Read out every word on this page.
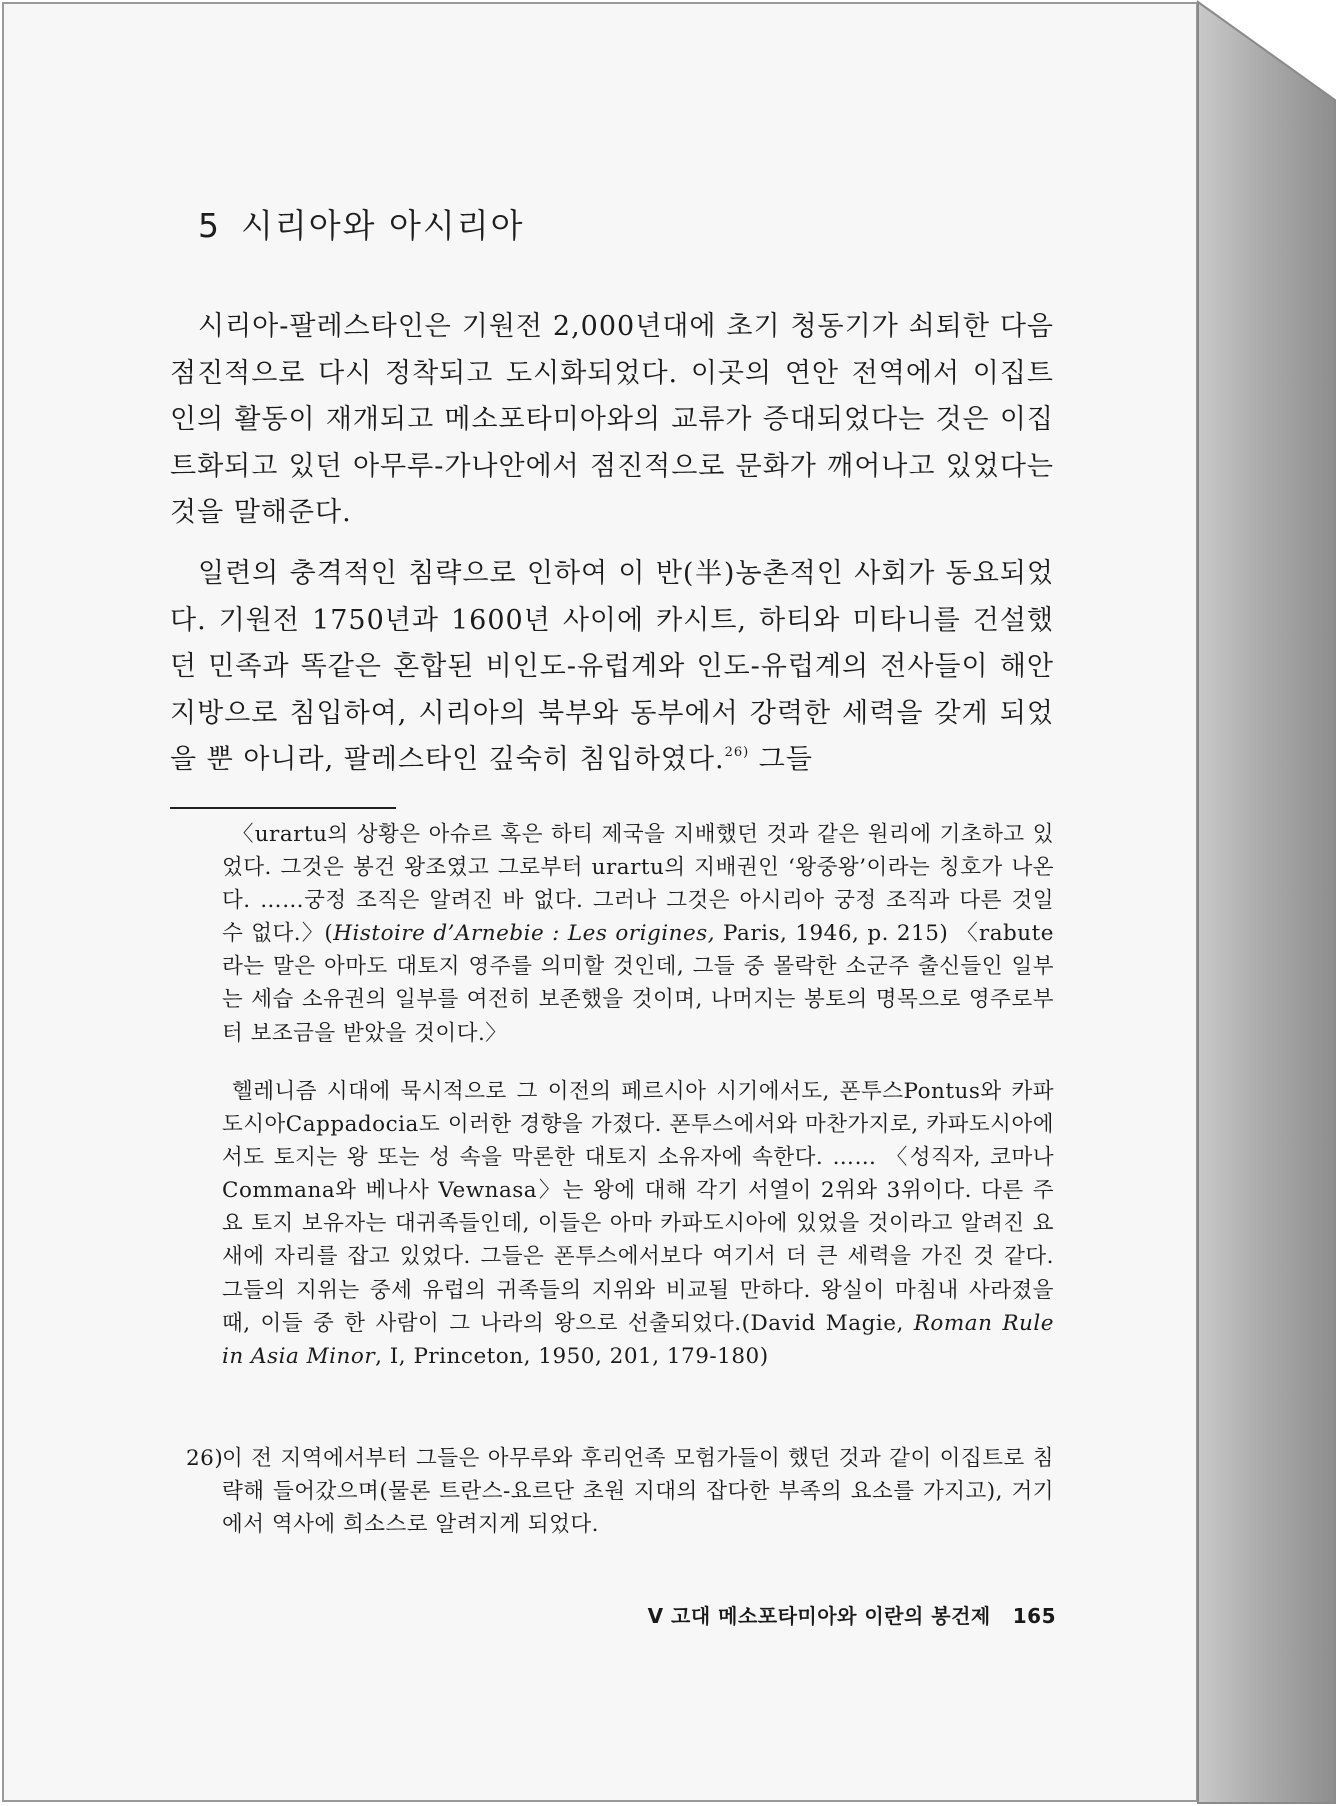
5 시리아와 아시리아

시리아-팔레스타인은 기원전 2,000년대에 초기 청동기가 쇠퇴한 다음 점진적으로 다시 정착되고 도시화되었다. 이곳의 연안 전역에서 이집트인의 활동이 재개되고 메소포타미아와의 교류가 증대되었다는 것은 이집트화되고 있던 아무루-가나안에서 점진적으로 문화가 깨어나고 있었다는 것을 말해준다.

일련의 충격적인 침략으로 인하여 이 반(半)농촌적인 사회가 동요되었다. 기원전 1750년과 1600년 사이에 카시트, 하티와 미타니를 건설했던 민족과 똑같은 혼합된 비인도-유럽계와 인도-유럽계의 전사들이 해안 지방으로 침입하여, 시리아의 북부와 동부에서 강력한 세력을 갖게 되었을 뿐 아니라, 팔레스타인 깊숙히 침입하였다.$^{26)}$ 그들

〈urartu의 상황은 아슈르 혹은 하티 제국을 지배했던 것과 같은 원리에 기초하고 있었다. 그것은 봉건 왕조였고 그로부터 urartu의 지배권인 ‘왕중왕’이라는 칭호가 나온다. ……궁정 조직은 알려진 바 없다. 그러나 그것은 아시리아 궁정 조직과 다른 것일 수 없다.〉(Histoire d’Arnebie : Les origines, Paris, 1946, p. 215) 〈rabute라는 말은 아마도 대토지 영주를 의미할 것인데, 그들 중 몰락한 소군주 출신들인 일부는 세습 소유권의 일부를 여전히 보존했을 것이며, 나머지는 봉토의 명목으로 영주로부터 보조금을 받았을 것이다.〉

헬레니즘 시대에 묵시적으로 그 이전의 페르시아 시기에서도, 폰투스Pontus와 카파도시아Cappadocia도 이러한 경향을 가졌다. 폰투스에서와 마찬가지로, 카파도시아에서도 토지는 왕 또는 성 속을 막론한 대토지 소유자에 속한다. …… 〈성직자, 코마나Commana와 베나사 Vewnasa〉는 왕에 대해 각기 서열이 2위와 3위이다. 다른 주요 토지 보유자는 대귀족들인데, 이들은 아마 카파도시아에 있었을 것이라고 알려진 요새에 자리를 잡고 있었다. 그들은 폰투스에서보다 여기서 더 큰 세력을 가진 것 같다. 그들의 지위는 중세 유럽의 귀족들의 지위와 비교될 만하다. 왕실이 마침내 사라졌을 때, 이들 중 한 사람이 그 나라의 왕으로 선출되었다.(David Magie, Roman Rule in Asia Minor, Ⅰ, Princeton, 1950, 201, 179-180)

26)
이 전 지역에서부터 그들은 아무루와 후리언족 모험가들이 했던 것과 같이 이집트로 침략해 들어갔으며(물론 트란스-요르단 초원 지대의 잡다한 부족의 요소를 가지고), 거기에서 역사에 희소스로 알려지게 되었다.

Ⅴ 고대 메소포타미아와 이란의 봉건제 165
